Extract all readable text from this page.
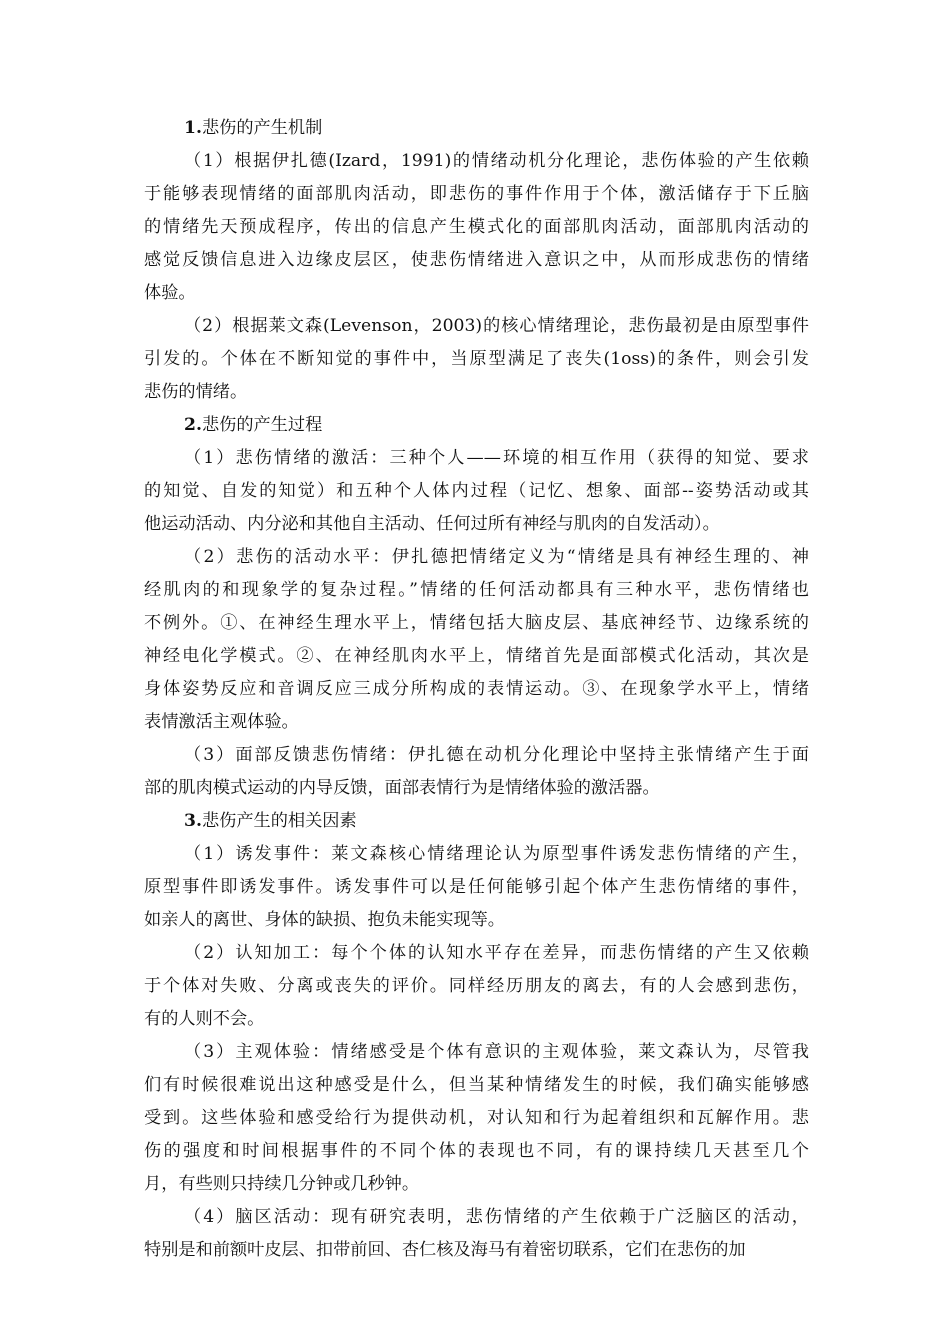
1.悲伤的产生机制
（1）根据伊扎德(Izard，1991)的情绪动机分化理论，悲伤体验的产生依赖
于能够表现情绪的面部肌肉活动，即悲伤的事件作用于个体，激活储存于下丘脑
的情绪先天预成程序，传出的信息产生模式化的面部肌肉活动，面部肌肉活动的
感觉反馈信息进入边缘皮层区，使悲伤情绪进入意识之中，从而形成悲伤的情绪
体验。
（2）根据莱文森(Levenson，2003)的核心情绪理论，悲伤最初是由原型事件
引发的。个体在不断知觉的事件中，当原型满足了丧失(1oss)的条件，则会引发
悲伤的情绪。
2.悲伤的产生过程
（1）悲伤情绪的激活：三种个人——环境的相互作用（获得的知觉、要求
的知觉、自发的知觉）和五种个人体内过程（记忆、想象、面部--姿势活动或其
他运动活动、内分泌和其他自主活动、任何过所有神经与肌肉的自发活动）。
（2）悲伤的活动水平：伊扎德把情绪定义为“情绪是具有神经生理的、神
经肌肉的和现象学的复杂过程。”情绪的任何活动都具有三种水平，悲伤情绪也
不例外。①、在神经生理水平上，情绪包括大脑皮层、基底神经节、边缘系统的
神经电化学模式。②、在神经肌肉水平上，情绪首先是面部模式化活动，其次是
身体姿势反应和音调反应三成分所构成的表情运动。③、在现象学水平上，情绪
表情激活主观体验。
（3）面部反馈悲伤情绪：伊扎德在动机分化理论中坚持主张情绪产生于面
部的肌肉模式运动的内导反馈，面部表情行为是情绪体验的激活器。
3.悲伤产生的相关因素
（1）诱发事件：莱文森核心情绪理论认为原型事件诱发悲伤情绪的产生，
原型事件即诱发事件。诱发事件可以是任何能够引起个体产生悲伤情绪的事件，
如亲人的离世、身体的缺损、抱负未能实现等。
（2）认知加工：每个个体的认知水平存在差异，而悲伤情绪的产生又依赖
于个体对失败、分离或丧失的评价。同样经历朋友的离去，有的人会感到悲伤，
有的人则不会。
（3）主观体验：情绪感受是个体有意识的主观体验，莱文森认为，尽管我
们有时候很难说出这种感受是什么，但当某种情绪发生的时候，我们确实能够感
受到。这些体验和感受给行为提供动机，对认知和行为起着组织和瓦解作用。悲
伤的强度和时间根据事件的不同个体的表现也不同，有的课持续几天甚至几个
月，有些则只持续几分钟或几秒钟。
（4）脑区活动：现有研究表明，悲伤情绪的产生依赖于广泛脑区的活动，
特别是和前额叶皮层、扣带前回、杏仁核及海马有着密切联系，它们在悲伤的加
